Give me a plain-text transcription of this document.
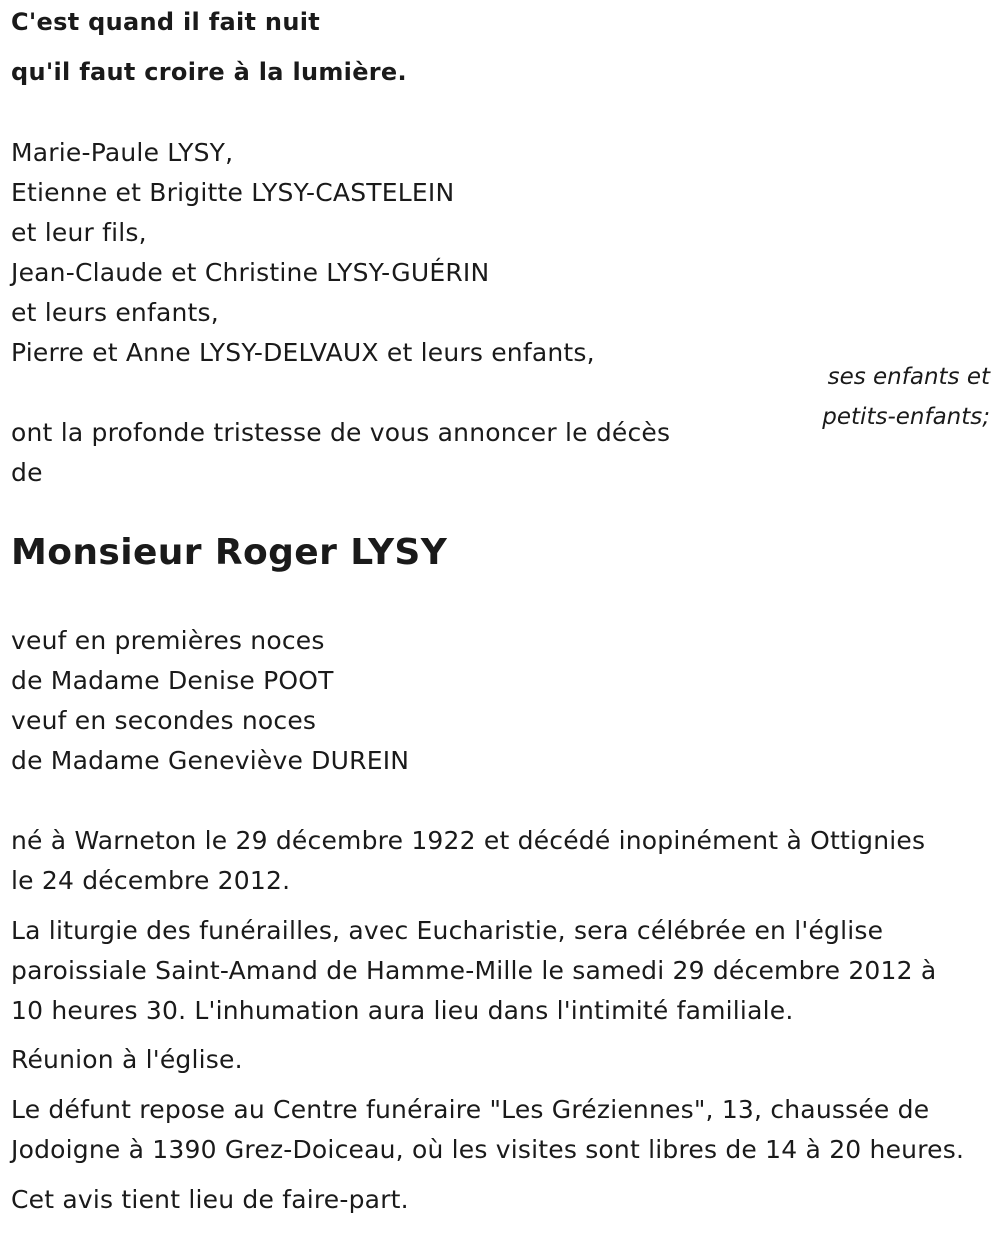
C'est quand il fait nuit

qu'il faut croire à la lumière.

Marie-Paule LYSY,

Etienne et Brigitte LYSY-CASTELEIN

et leur fils,

Jean-Claude et Christine LYSY-GUÉRIN

et leurs enfants,

Pierre et Anne LYSY-DELVAUX et leurs enfants,

ses enfants et

petits-enfants;

ont la profonde tristesse de vous annoncer le décès

de

Monsieur Roger LYSY

veuf en premières noces

de Madame Denise POOT

veuf en secondes noces

de Madame Geneviève DUREIN

né à Warneton le 29 décembre 1922 et décédé inopinément à Ottignies

le 24 décembre 2012.

La liturgie des funérailles, avec Eucharistie, sera célébrée en l'église

paroissiale Saint-Amand de Hamme-Mille le samedi 29 décembre 2012 à

10 heures 30. L'inhumation aura lieu dans l'intimité familiale.

Réunion à l'église.

Le défunt repose au Centre funéraire "Les Gréziennes", 13, chaussée de

Jodoigne à 1390 Grez-Doiceau, où les visites sont libres de 14 à 20 heures.

Cet avis tient lieu de faire-part.
